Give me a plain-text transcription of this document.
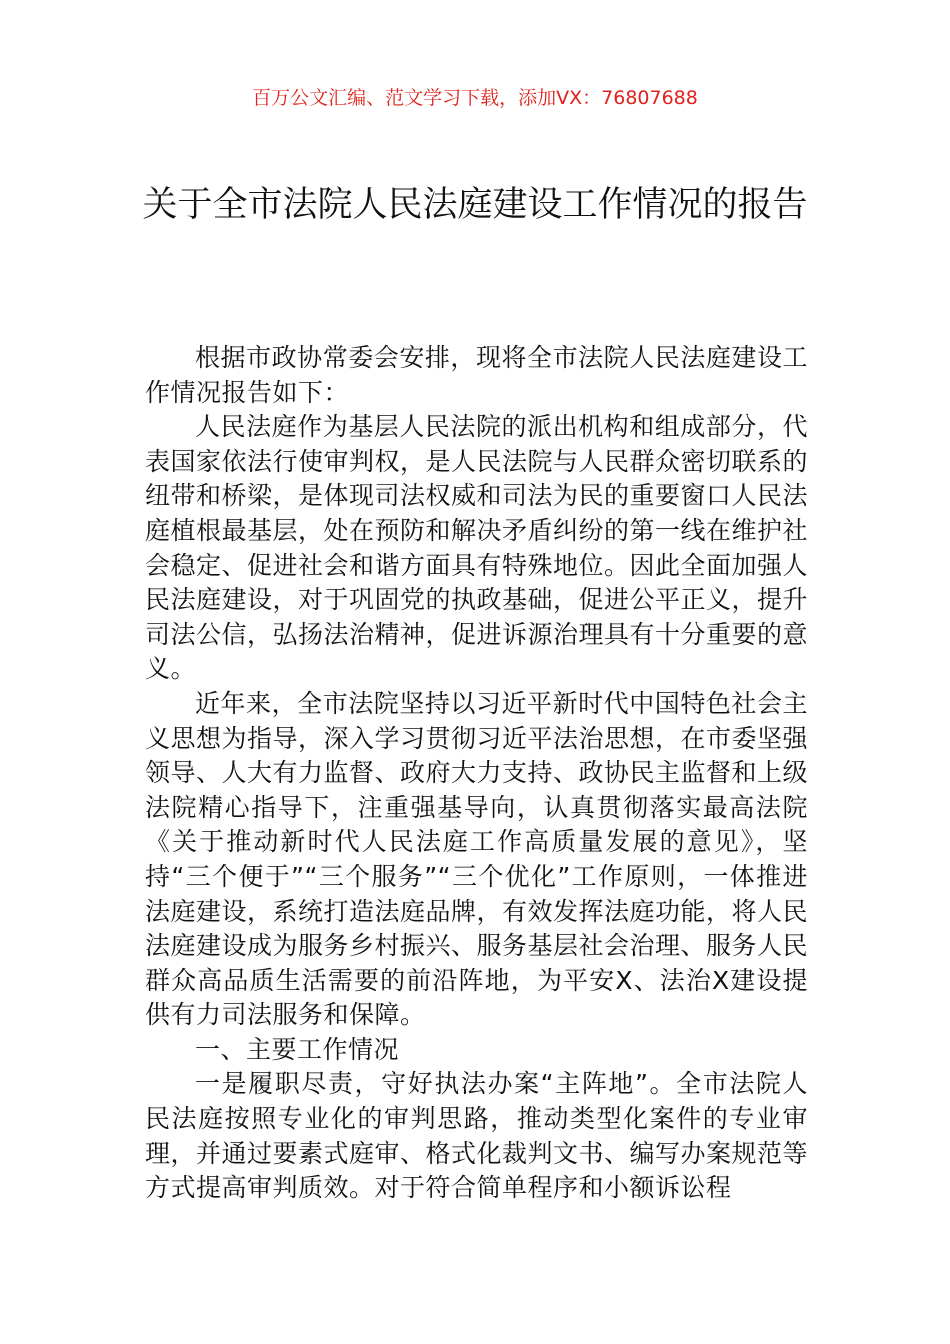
百万公文汇编、范文学习下载，添加VX：76807688
关于全市法院人民法庭建设工作情况的报告

根据市政协常委会安排，现将全市法院人民法庭建设工作情况报告如下：

人民法庭作为基层人民法院的派出机构和组成部分，代表国家依法行使审判权，是人民法院与人民群众密切联系的纽带和桥梁，是体现司法权威和司法为民的重要窗口人民法庭植根最基层，处在预防和解决矛盾纠纷的第一线在维护社会稳定、促进社会和谐方面具有特殊地位。因此全面加强人民法庭建设，对于巩固党的执政基础，促进公平正义，提升司法公信，弘扬法治精神，促进诉源治理具有十分重要的意义。

近年来，全市法院坚持以习近平新时代中国特色社会主义思想为指导，深入学习贯彻习近平法治思想，在市委坚强领导、人大有力监督、政府大力支持、政协民主监督和上级法院精心指导下，注重强基导向，认真贯彻落实最高法院《关于推动新时代人民法庭工作高质量发展的意见》，坚持“三个便于”“三个服务”“三个优化”工作原则，一体推进法庭建设，系统打造法庭品牌，有效发挥法庭功能，将人民法庭建设成为服务乡村振兴、服务基层社会治理、服务人民群众高品质生活需要的前沿阵地，为平安X、法治X建设提供有力司法服务和保障。

一、主要工作情况

一是履职尽责，守好执法办案“主阵地”。全市法院人民法庭按照专业化的审判思路，推动类型化案件的专业审理，并通过要素式庭审、格式化裁判文书、编写办案规范等方式提高审判质效。对于符合简单程序和小额诉讼程
